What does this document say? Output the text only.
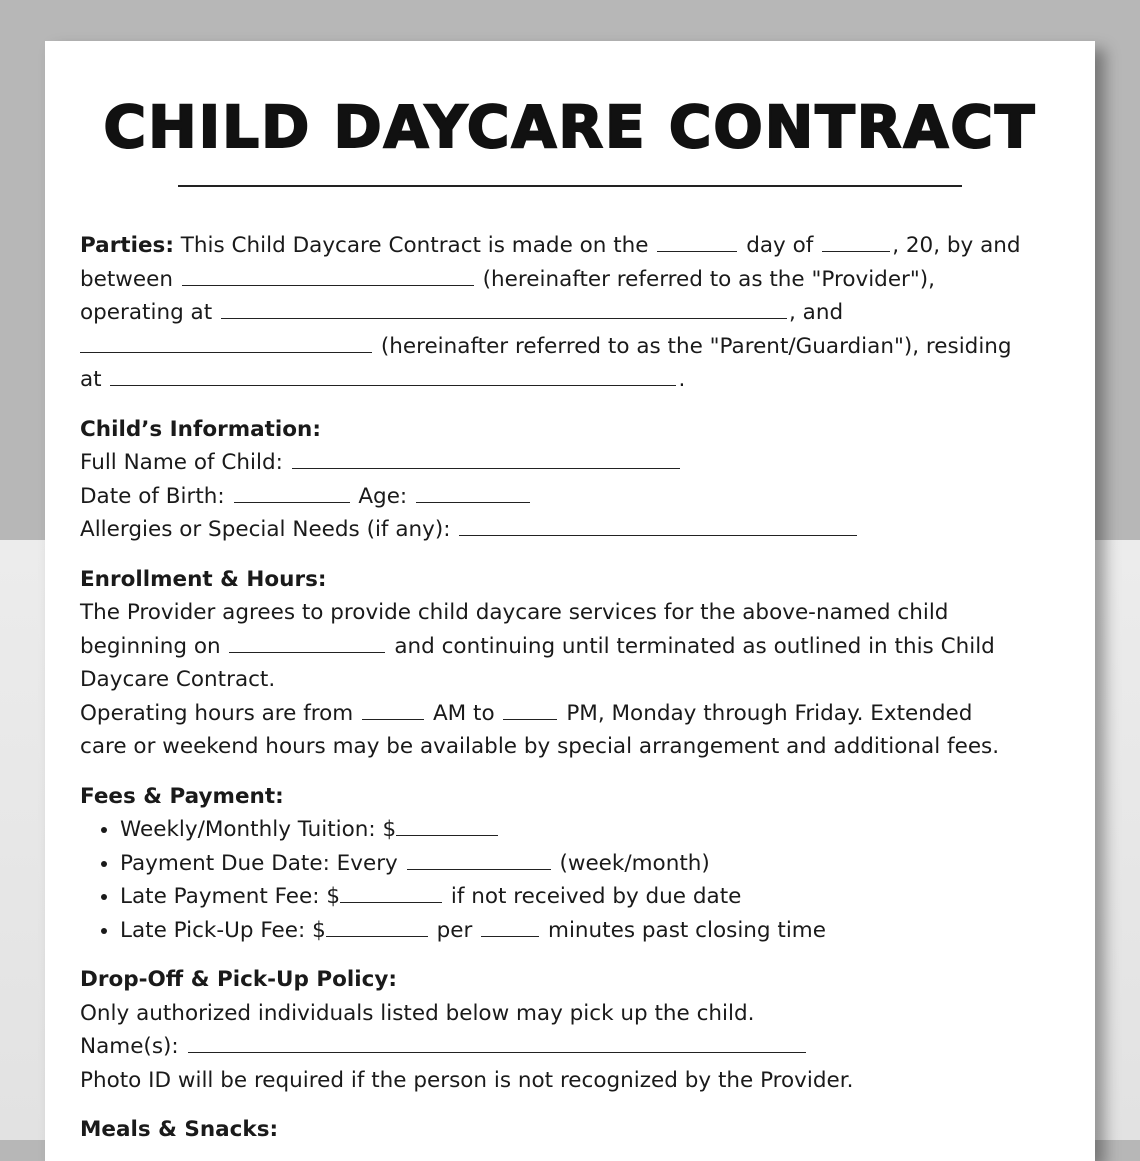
CHILD DAYCARE CONTRACT
Parties: This Child Daycare Contract is made on the	day of	, 20, by and
between	(hereinafter referred to as the "Provider"),
operating at	, and
(hereinafter referred to as the "Parent/Guardian"), residing
at	.
Child’s Information:
Full Name of Child:
Date of Birth:	Age:
Allergies or Special Needs (if any):
Enrollment & Hours:
The Provider agrees to provide child daycare services for the above-named child
beginning on	and continuing until terminated as outlined in this Child
Daycare Contract.
Operating hours are from	AM to	PM, Monday through Friday. Extended
care or weekend hours may be available by special arrangement and additional fees.
Fees & Payment:
• Weekly/Monthly Tuition: $
• Payment Due Date: Every	(week/month)
• Late Payment Fee: $	if not received by due date
• Late Pick-Up Fee: $	per	minutes past closing time
Drop-Off & Pick-Up Policy:
Only authorized individuals listed below may pick up the child.
Name(s):
Photo ID will be required if the person is not recognized by the Provider.
Meals & Snacks:
